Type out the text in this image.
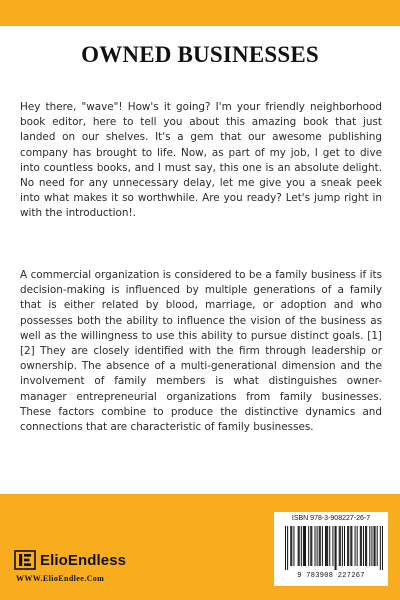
OWNED BUSINESSES

Hey there, "wave"! How's it going? I'm your friendly neighborhood book editor, here to tell you about this amazing book that just landed on our shelves. It's a gem that our awesome publishing company has brought to life. Now, as part of my job, I get to dive into countless books, and I must say, this one is an absolute delight. No need for any unnecessary delay, let me give you a sneak peek into what makes it so worthwhile. Are you ready? Let's jump right in with the introduction!.

A commercial organization is considered to be a family business if its decision-making is influenced by multiple generations of a family that is either related by blood, marriage, or adoption and who possesses both the ability to influence the vision of the business as well as the willingness to use this ability to pursue distinct goals. [1] [2] They are closely identified with the firm through leadership or ownership. The absence of a multi-generational dimension and the involvement of family members is what distinguishes owner-manager entrepreneurial organizations from family businesses. These factors combine to produce the distinctive dynamics and connections that are characteristic of family businesses.

ISBN 978-3-908227-26-7
9 783908 227267
ElioEndless
WWW.ElioEndlee.Com
